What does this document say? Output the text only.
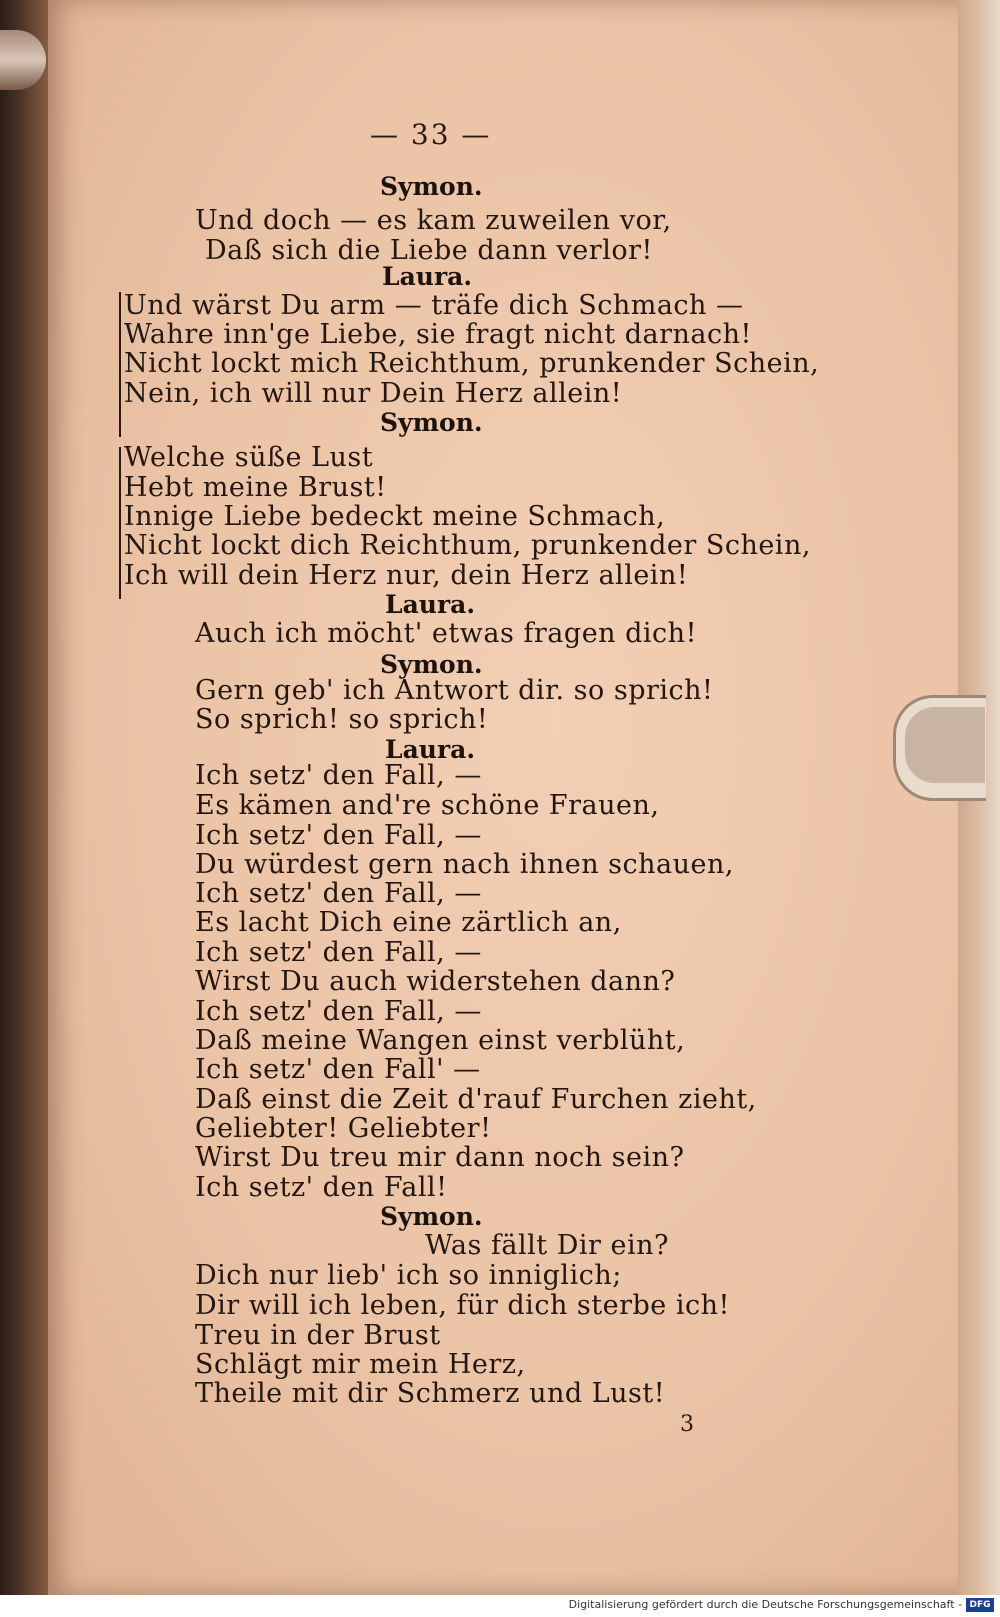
— 33 —
Symon.
Und doch — es kam zuweilen vor,
Daß sich die Liebe dann verlor!
Laura.
Und wärst Du arm — träfe dich Schmach —
Wahre inn'ge Liebe, sie fragt nicht darnach!
Nicht lockt mich Reichthum, prunkender Schein,
Nein, ich will nur Dein Herz allein!
Symon.
Welche süße Lust
Hebt meine Brust!
Innige Liebe bedeckt meine Schmach,
Nicht lockt dich Reichthum, prunkender Schein,
Ich will dein Herz nur, dein Herz allein!
Laura.
Auch ich möcht' etwas fragen dich!
Symon.
Gern geb' ich Antwort dir. so sprich!
So sprich! so sprich!
Laura.
Ich setz' den Fall, —
Es kämen and're schöne Frauen,
Ich setz' den Fall, —
Du würdest gern nach ihnen schauen,
Ich setz' den Fall, —
Es lacht Dich eine zärtlich an,
Ich setz' den Fall, —
Wirst Du auch widerstehen dann?
Ich setz' den Fall, —
Daß meine Wangen einst verblüht,
Ich setz' den Fall' —
Daß einst die Zeit d'rauf Furchen zieht,
Geliebter! Geliebter!
Wirst Du treu mir dann noch sein?
Ich setz' den Fall!
Symon.
Was fällt Dir ein?
Dich nur lieb' ich so inniglich;
Dir will ich leben, für dich sterbe ich!
Treu in der Brust
Schlägt mir mein Herz,
Theile mit dir Schmerz und Lust!
3
Digitalisierung gefördert durch die Deutsche Forschungsgemeinschaft - DFG
